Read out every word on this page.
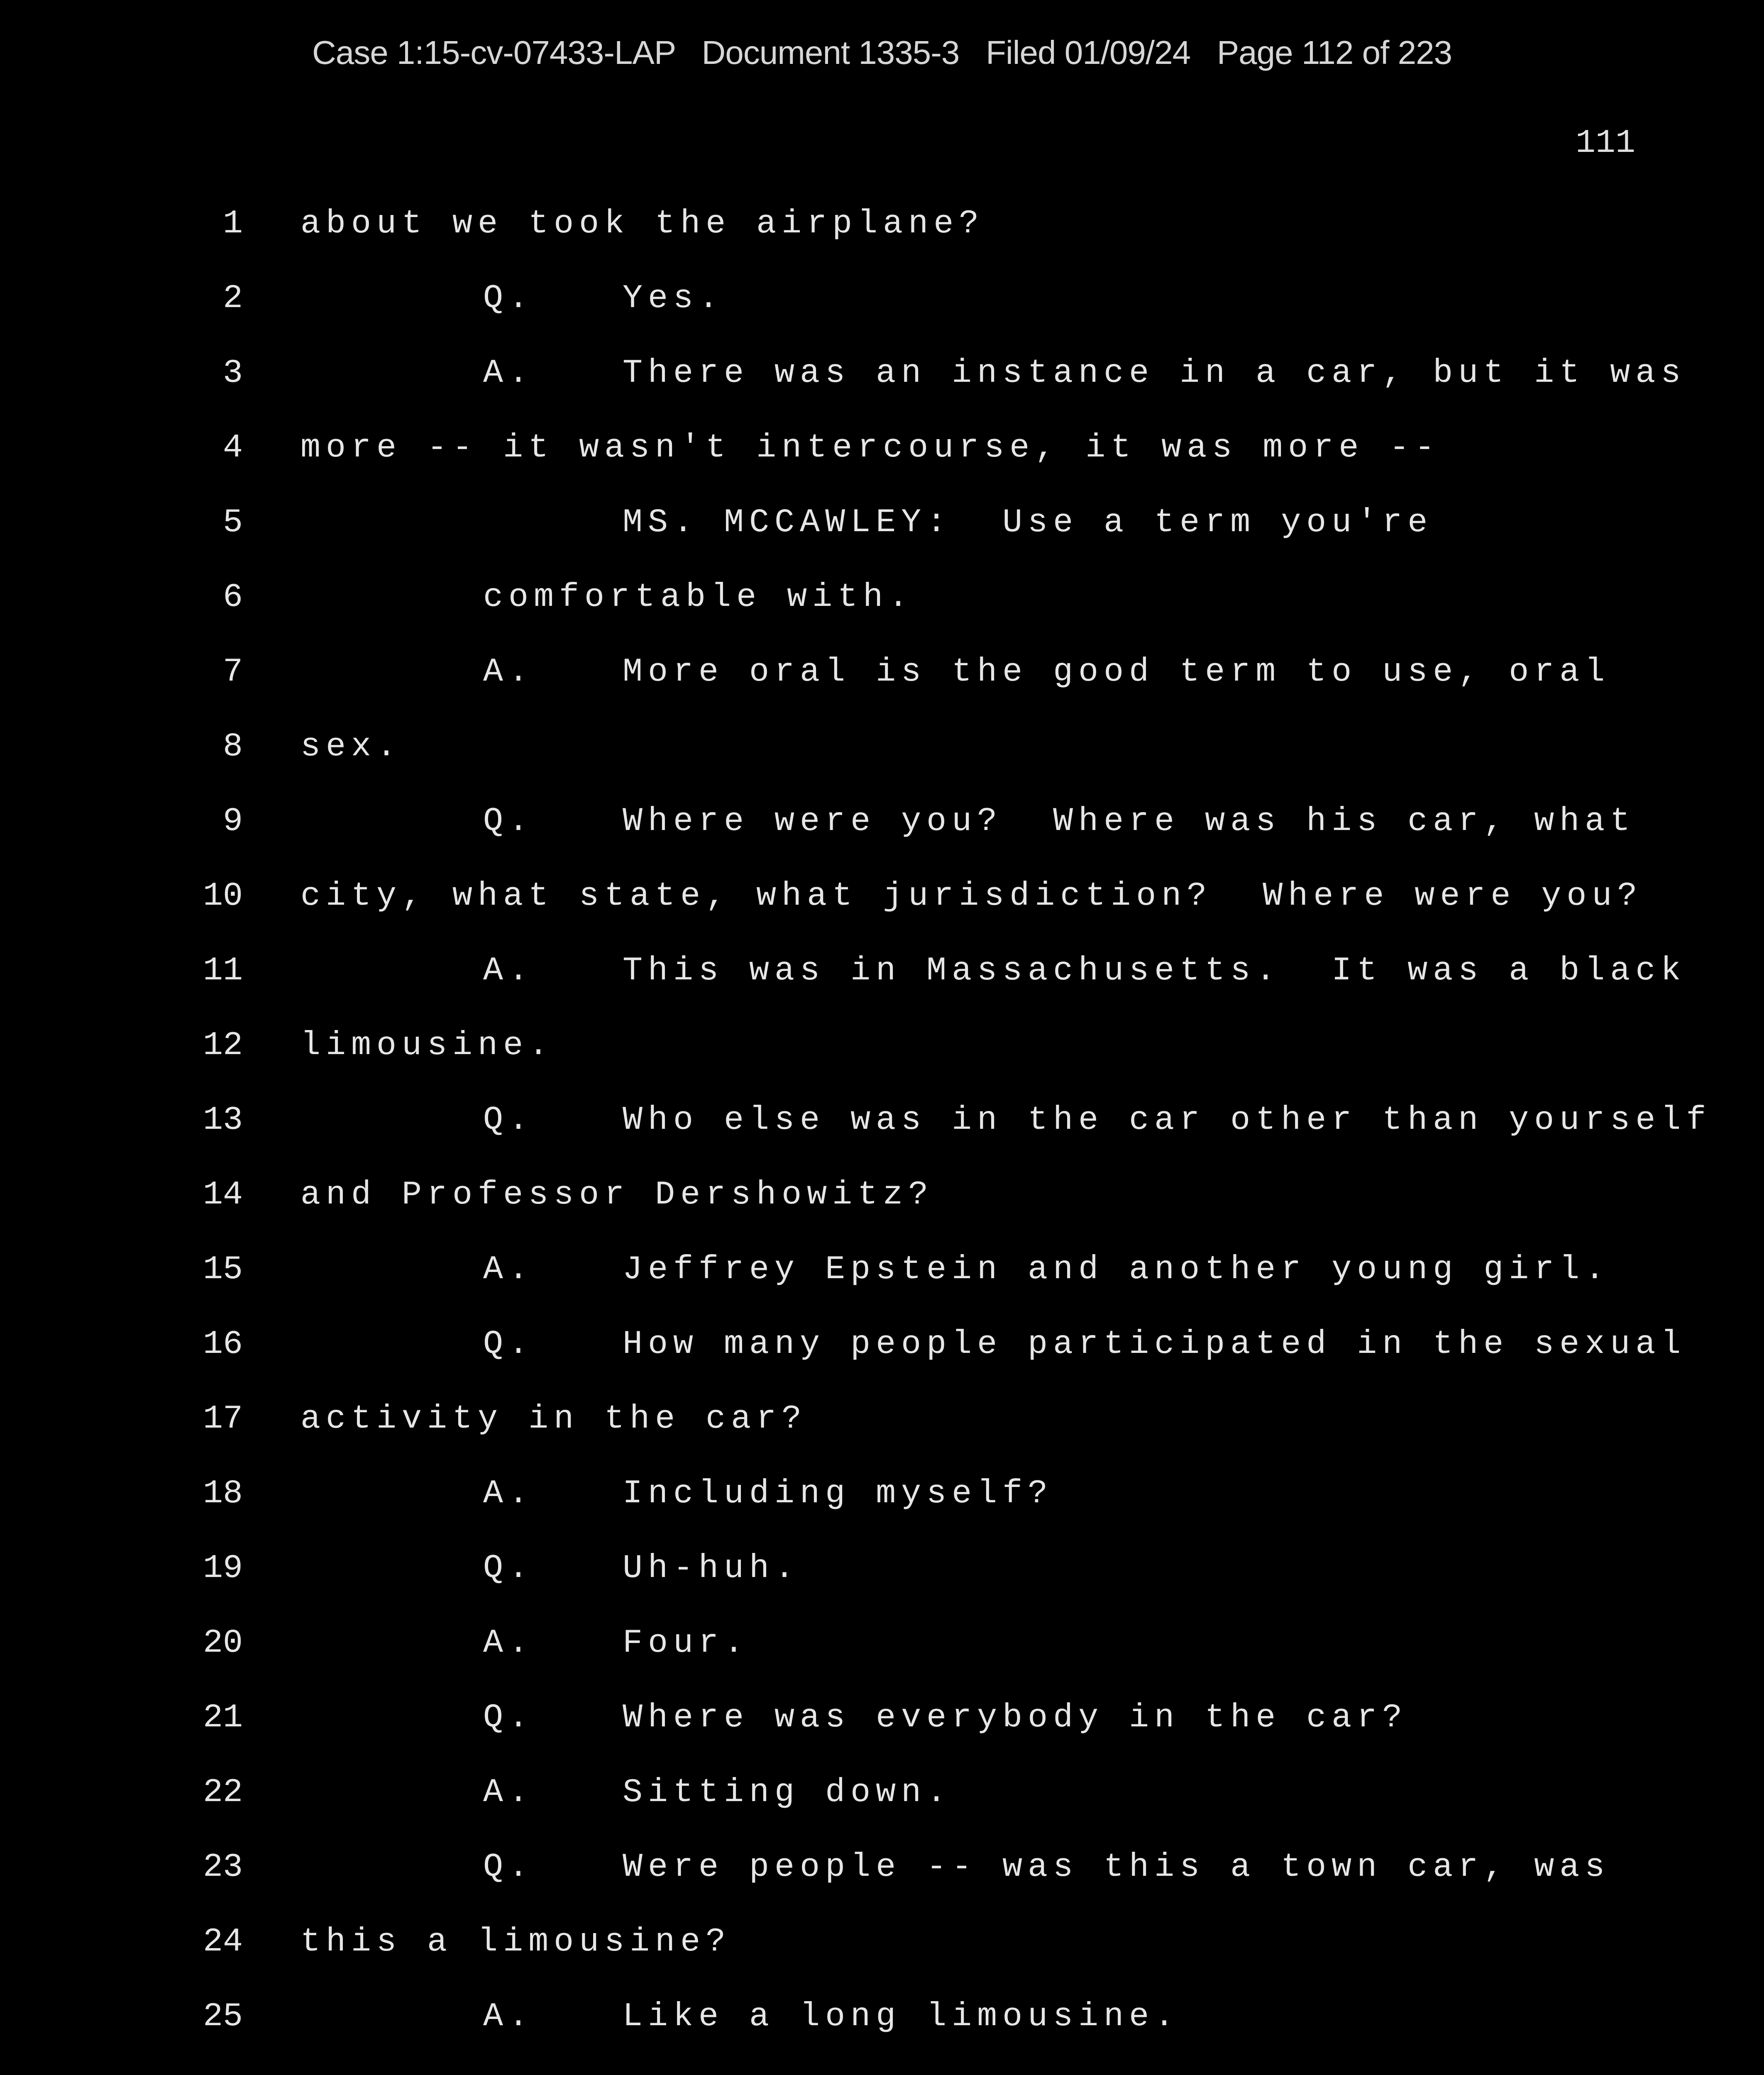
Case 1:15-cv-07433-LAP Document 1335-3 Filed 01/09/24 Page 112 of 223
111

1

about we took the airplane?

2

	Q.	Yes.

3

	A.	There was an instance in a car, but it was

4

more -- it wasn't intercourse, it was more --

5

	MS. MCCAWLEY:  Use a term you're

6

	comfortable with.

7

	A.	More oral is the good term to use, oral

8

sex.

9

	Q.	Where were you?  Where was his car, what

10

city, what state, what jurisdiction?  Where were you?

11

	A.	This was in Massachusetts.  It was a black

12

limousine.

13

	Q.	Who else was in the car other than yourself

14

and Professor Dershowitz?

15

	A.	Jeffrey Epstein and another young girl.

16

	Q.	How many people participated in the sexual

17

activity in the car?

18

	A.	Including myself?

19

	Q.	Uh-huh.

20

	A.	Four.

21

	Q.	Where was everybody in the car?

22

	A.	Sitting down.

23

	Q.	Were people -- was this a town car, was

24

this a limousine?

25

	A.	Like a long limousine.
